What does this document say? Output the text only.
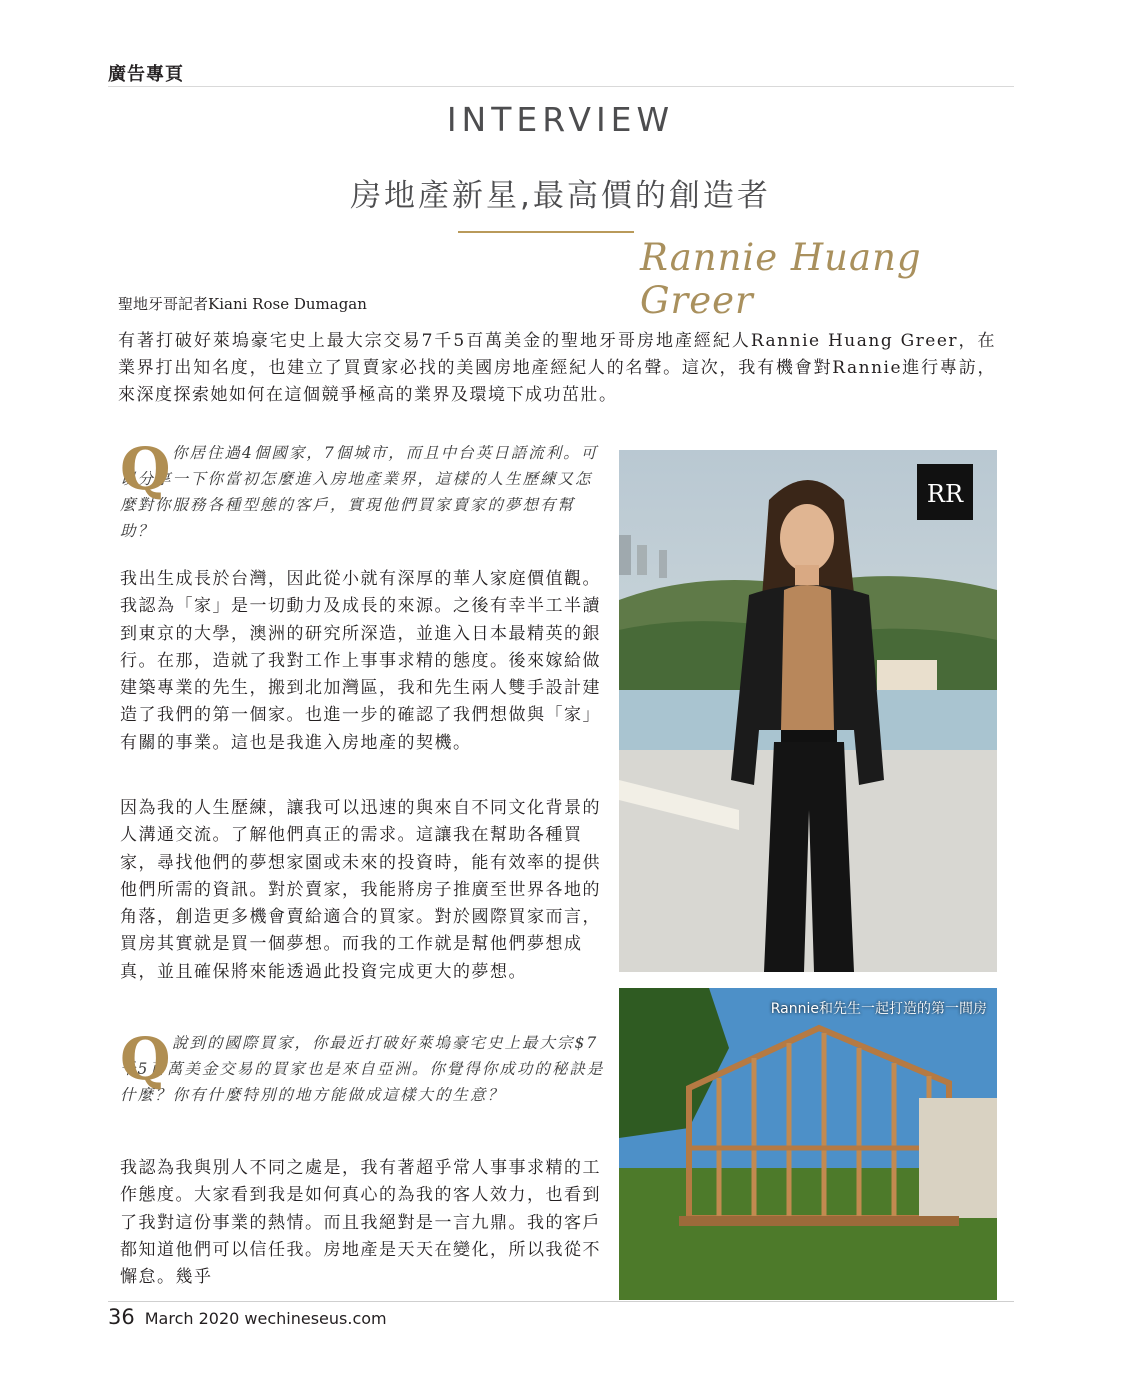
廣告專頁
INTERVIEW
房地產新星,最高價的創造者
Rannie Huang Greer
聖地牙哥記者Kiani Rose Dumagan

有著打破好萊塢豪宅史上最大宗交易7千5百萬美金的聖地牙哥房地產經紀人Rannie Huang Greer，在業界打出知名度，也建立了買賣家必找的美國房地產經紀人的名聲。這次，我有機會對Rannie進行專訪，來深度探索她如何在這個競爭極高的業界及環境下成功茁壯。

Q 你居住過4個國家，7個城市，而且中台英日語流利。可以分享一下你當初怎麼進入房地產業界，這樣的人生歷練又怎麼對你服務各種型態的客戶，實現他們買家賣家的夢想有幫助？

我出生成長於台灣，因此從小就有深厚的華人家庭價值觀。我認為「家」是一切動力及成長的來源。之後有幸半工半讀到東京的大學，澳洲的研究所深造，並進入日本最精英的銀行。在那，造就了我對工作上事事求精的態度。後來嫁給做建築專業的先生，搬到北加灣區，我和先生兩人雙手設計建造了我們的第一個家。也進一步的確認了我們想做與「家」有關的事業。這也是我進入房地產的契機。

因為我的人生歷練，讓我可以迅速的與來自不同文化背景的人溝通交流。了解他們真正的需求。這讓我在幫助各種買家，尋找他們的夢想家園或未來的投資時，能有效率的提供他們所需的資訊。對於賣家，我能將房子推廣至世界各地的角落，創造更多機會賣給適合的買家。對於國際買家而言，買房其實就是買一個夢想。而我的工作就是幫他們夢想成真，並且確保將來能透過此投資完成更大的夢想。

Q 說到的國際買家，你最近打破好萊塢豪宅史上最大宗$7千5百萬美金交易的買家也是來自亞洲。你覺得你成功的秘訣是什麼？你有什麼特別的地方能做成這樣大的生意？

我認為我與別人不同之處是，我有著超乎常人事事求精的工作態度。大家看到我是如何真心的為我的客人效力，也看到了我對這份事業的熱情。而且我絕對是一言九鼎。我的客戶都知道他們可以信任我。房地產是天天在變化，所以我從不懈怠。幾乎

RR
Rannie和先生一起打造的第一間房
36 March 2020 wechineseus.com
